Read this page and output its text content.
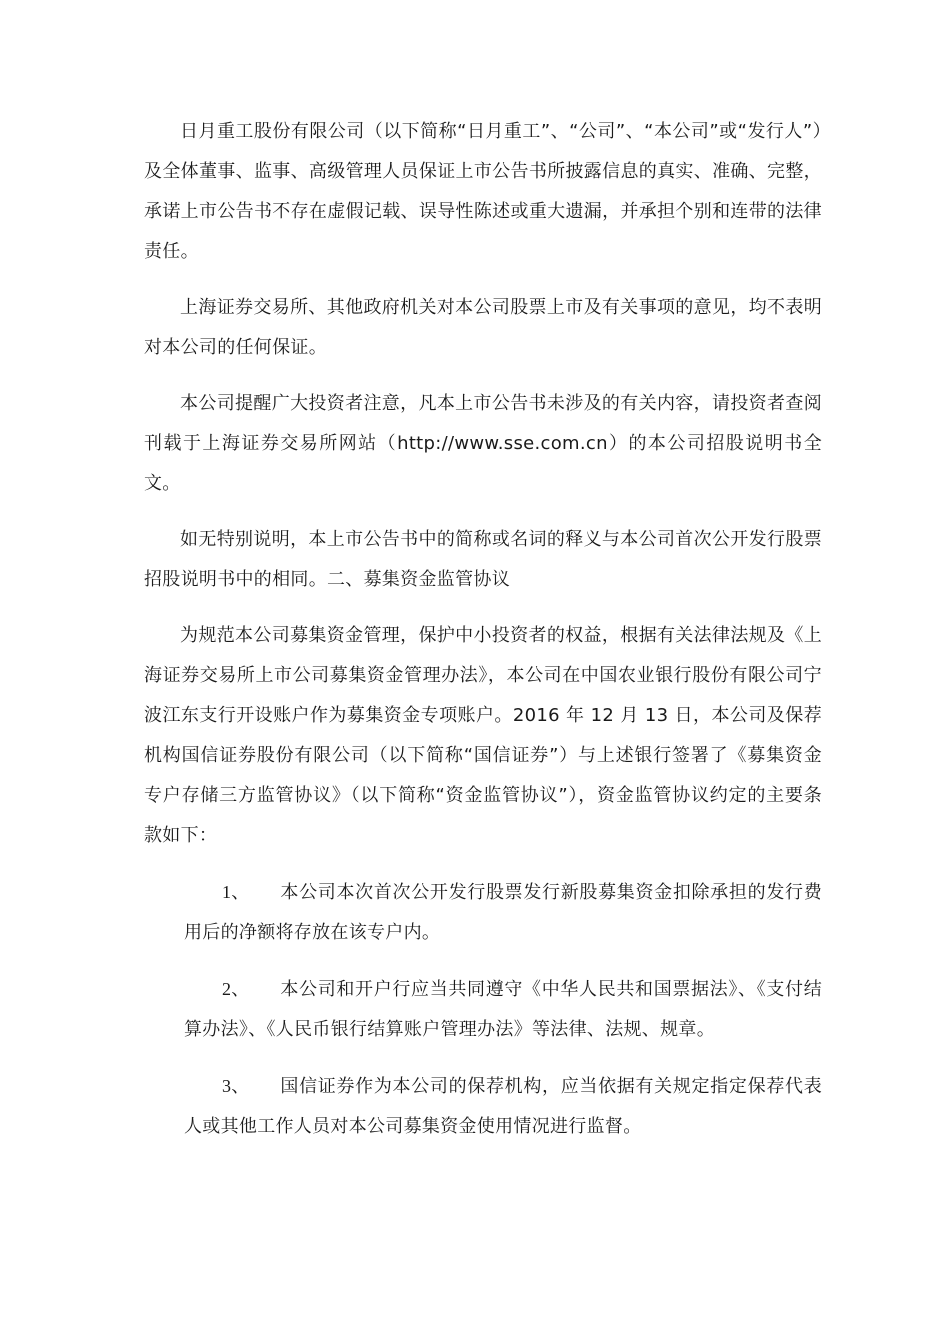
日月重工股份有限公司（以下简称“日月重工”、“公司”、“本公司”或“发行人”）及全体董事、监事、高级管理人员保证上市公告书所披露信息的真实、准确、完整，承诺上市公告书不存在虚假记载、误导性陈述或重大遗漏，并承担个别和连带的法律责任。

上海证券交易所、其他政府机关对本公司股票上市及有关事项的意见，均不表明对本公司的任何保证。

本公司提醒广大投资者注意，凡本上市公告书未涉及的有关内容，请投资者查阅刊载于上海证券交易所网站（http://www.sse.com.cn）的本公司招股说明书全文。

如无特别说明，本上市公告书中的简称或名词的释义与本公司首次公开发行股票招股说明书中的相同。二、募集资金监管协议

为规范本公司募集资金管理，保护中小投资者的权益，根据有关法律法规及《上海证券交易所上市公司募集资金管理办法》，本公司在中国农业银行股份有限公司宁波江东支行开设账户作为募集资金专项账户。2016 年 12 月 13 日，本公司及保荐机构国信证券股份有限公司（以下简称“国信证券”）与上述银行签署了《募集资金专户存储三方监管协议》（以下简称“资金监管协议”），资金监管协议约定的主要条款如下：

1、 本公司本次首次公开发行股票发行新股募集资金扣除承担的发行费用后的净额将存放在该专户内。
2、 本公司和开户行应当共同遵守《中华人民共和国票据法》、《支付结算办法》、《人民币银行结算账户管理办法》等法律、法规、规章。
3、 国信证券作为本公司的保荐机构，应当依据有关规定指定保荐代表人或其他工作人员对本公司募集资金使用情况进行监督。
